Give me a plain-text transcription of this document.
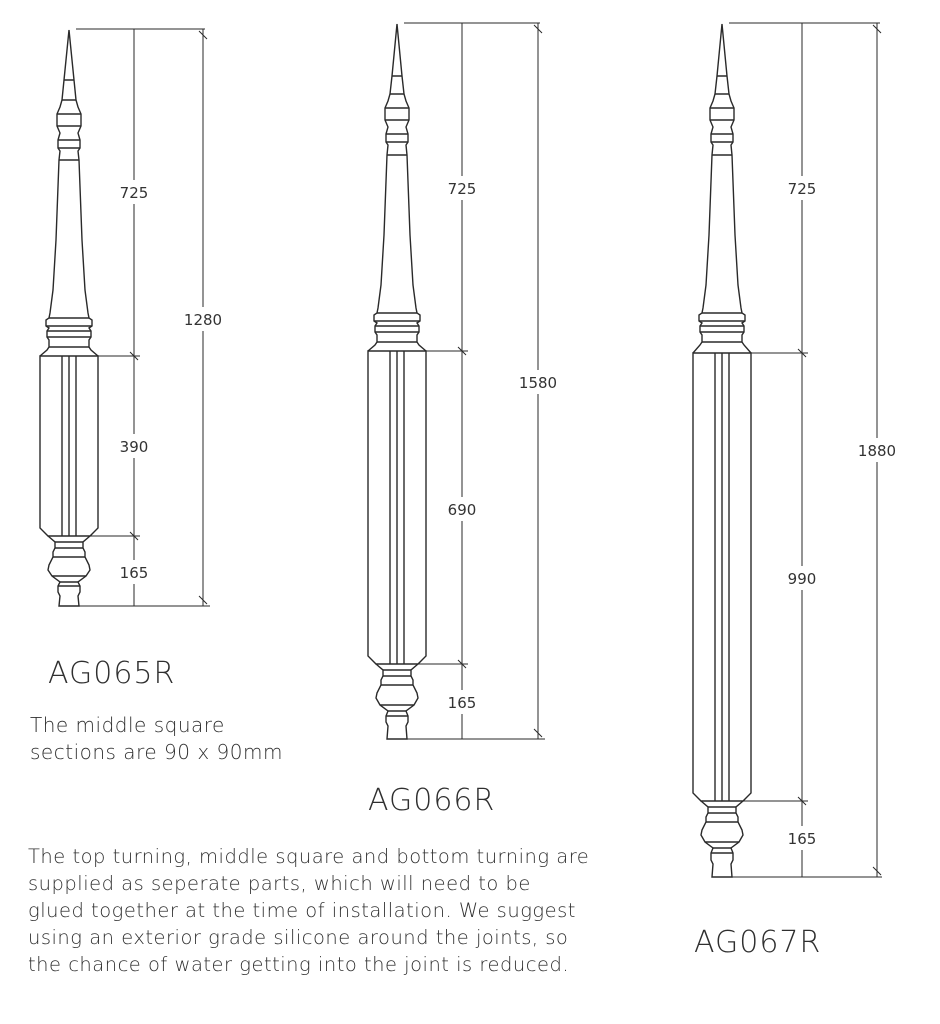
725
390
165
1280
725
690
165
1580
725
990
165
1880
AG065R
AG066R
AG067R
The middle square
sections are 90 x 90mm
The top turning, middle square and bottom turning are
supplied as seperate parts, which will need to be
glued together at the time of installation. We suggest
using an exterior grade silicone around the joints, so
the chance of water getting into the joint is reduced.
